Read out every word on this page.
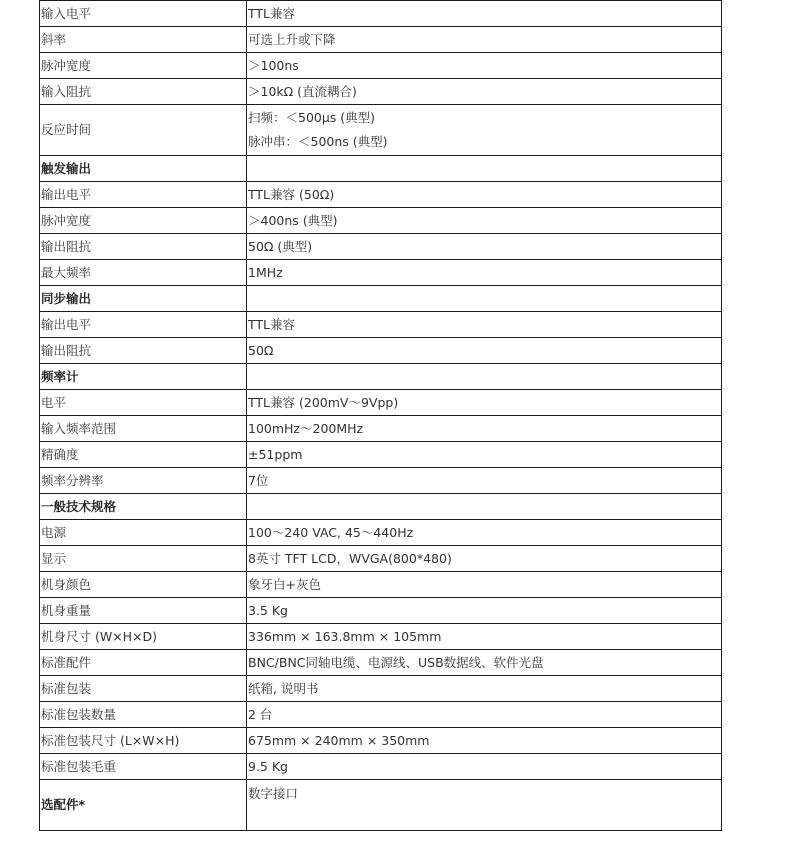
输入电平	TTL兼容
斜率	可选上升或下降
脉冲宽度	＞100ns
输入阻抗	＞10kΩ (直流耦合)
反应时间	扫频：＜500μs (典型)
脉冲串：＜500ns (典型)

触发输出	
输出电平	TTL兼容 (50Ω)
脉冲宽度	＞400ns (典型)
输出阻抗	50Ω (典型)
最大频率	1MHz
同步输出	
输出电平	TTL兼容
输出阻抗	50Ω
频率计	
电平	TTL兼容 (200mV～9Vpp)
输入频率范围	100mHz～200MHz
精确度	±51ppm
频率分辨率	7位
一般技术规格	
电源	100～240 VAC, 45～440Hz
显示	8英寸 TFT LCD，WVGA(800*480)
机身颜色	象牙白+灰色
机身重量	3.5 Kg
机身尺寸 (W×H×D)	336mm × 163.8mm × 105mm
标准配件	BNC/BNC同轴电缆、电源线、USB数据线、软件光盘
标准包装	纸箱, 说明书
标准包装数量	2 台
标准包装尺寸 (L×W×H)	675mm × 240mm × 350mm
标准包装毛重	9.5 Kg
选配件*	数字接口
